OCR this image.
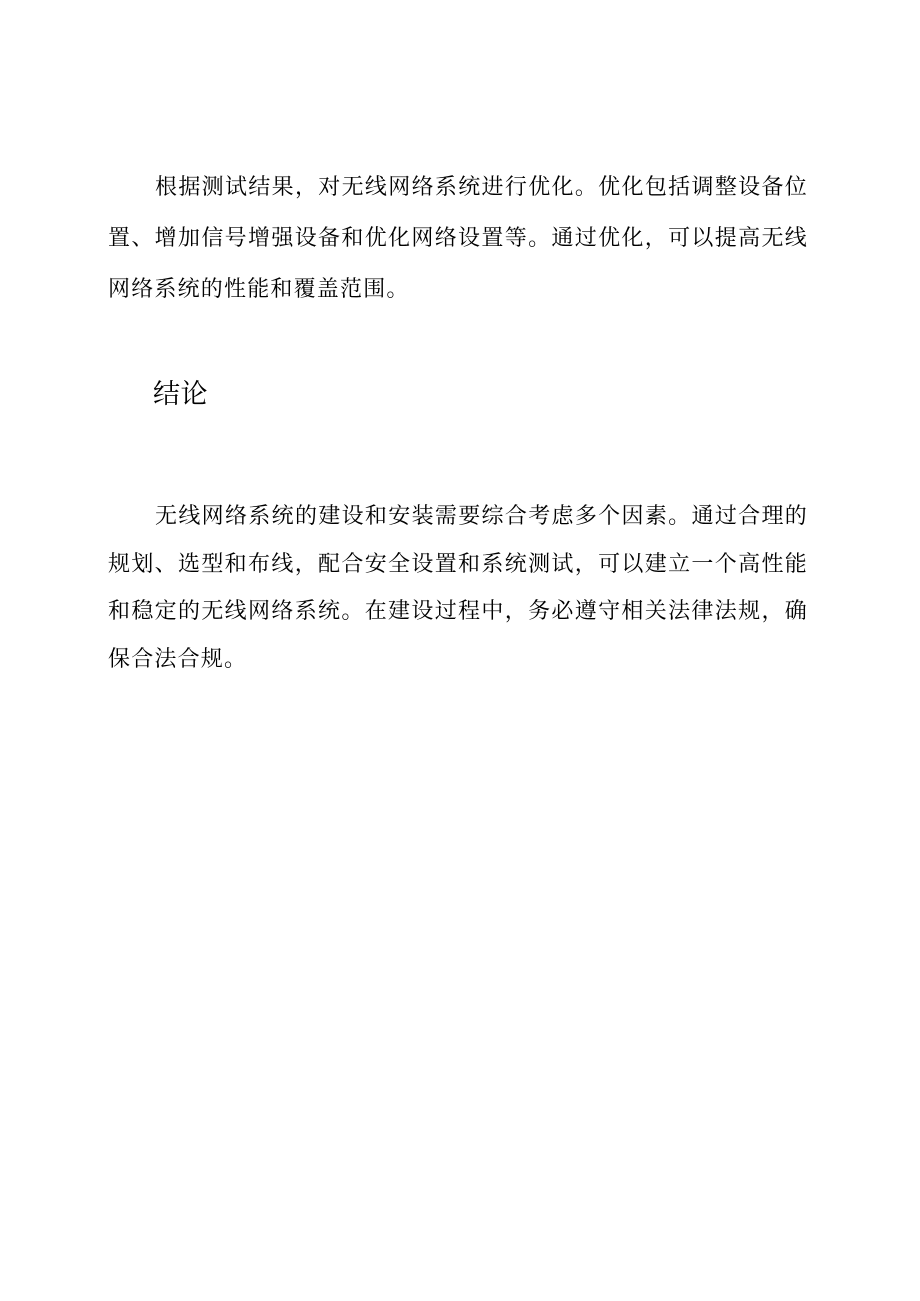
根据测试结果，对无线网络系统进行优化。优化包括调整设备位
置、增加信号增强设备和优化网络设置等。通过优化，可以提高无线
网络系统的性能和覆盖范围。
结论
无线网络系统的建设和安装需要综合考虑多个因素。通过合理的
规划、选型和布线，配合安全设置和系统测试，可以建立一个高性能
和稳定的无线网络系统。在建设过程中，务必遵守相关法律法规，确
保合法合规。
